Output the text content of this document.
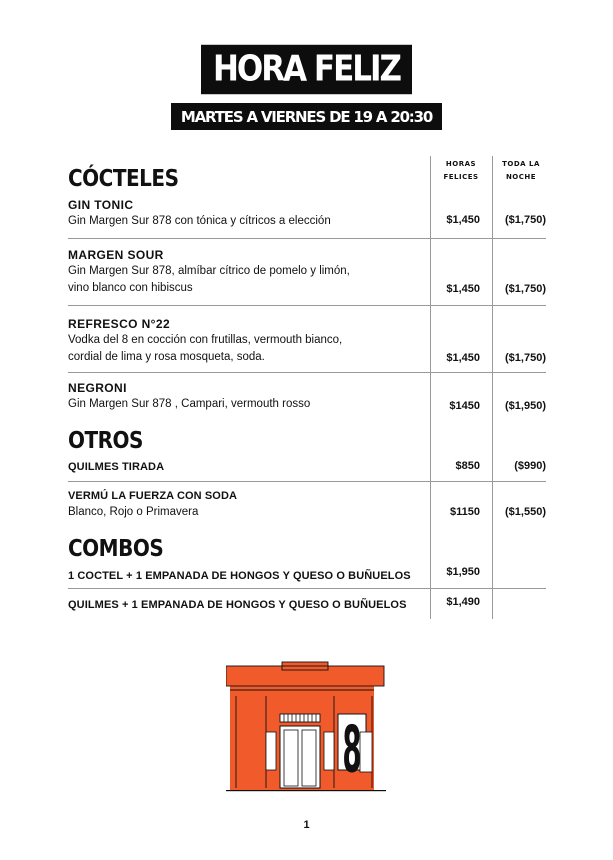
HORA FELIZ
MARTES A VIERNES DE 19 A 20:30
HORAS
FELICES
TODA LA
NOCHE
CÓCTELES
GIN TONIC
Gin Margen Sur 878 con tónica y cítricos a elección	$1,450 ($1,750)
MARGEN SOUR
Gin Margen Sur 878, almíbar cítrico de pomelo y limón,
vino blanco con hibiscus	$1,450 ($1,750)
REFRESCO N°22
Vodka del 8 en cocción con frutillas, vermouth bianco,
cordial de lima y rosa mosqueta, soda.	$1,450 ($1,750)
NEGRONI
Gin Margen Sur 878 , Campari, vermouth rosso	$1450 ($1,950)
OTROS
QUILMES TIRADA	$850	($990)
VERMÚ LA FUERZA CON SODA
Blanco, Rojo o Primavera	$1150 ($1,550)
COMBOS
1 COCTEL + 1 EMPANADA DE HONGOS Y QUESO O BUÑUELOS	$1,950
QUILMES + 1 EMPANADA DE HONGOS Y QUESO O BUÑUELOS	$1,490
8
1
